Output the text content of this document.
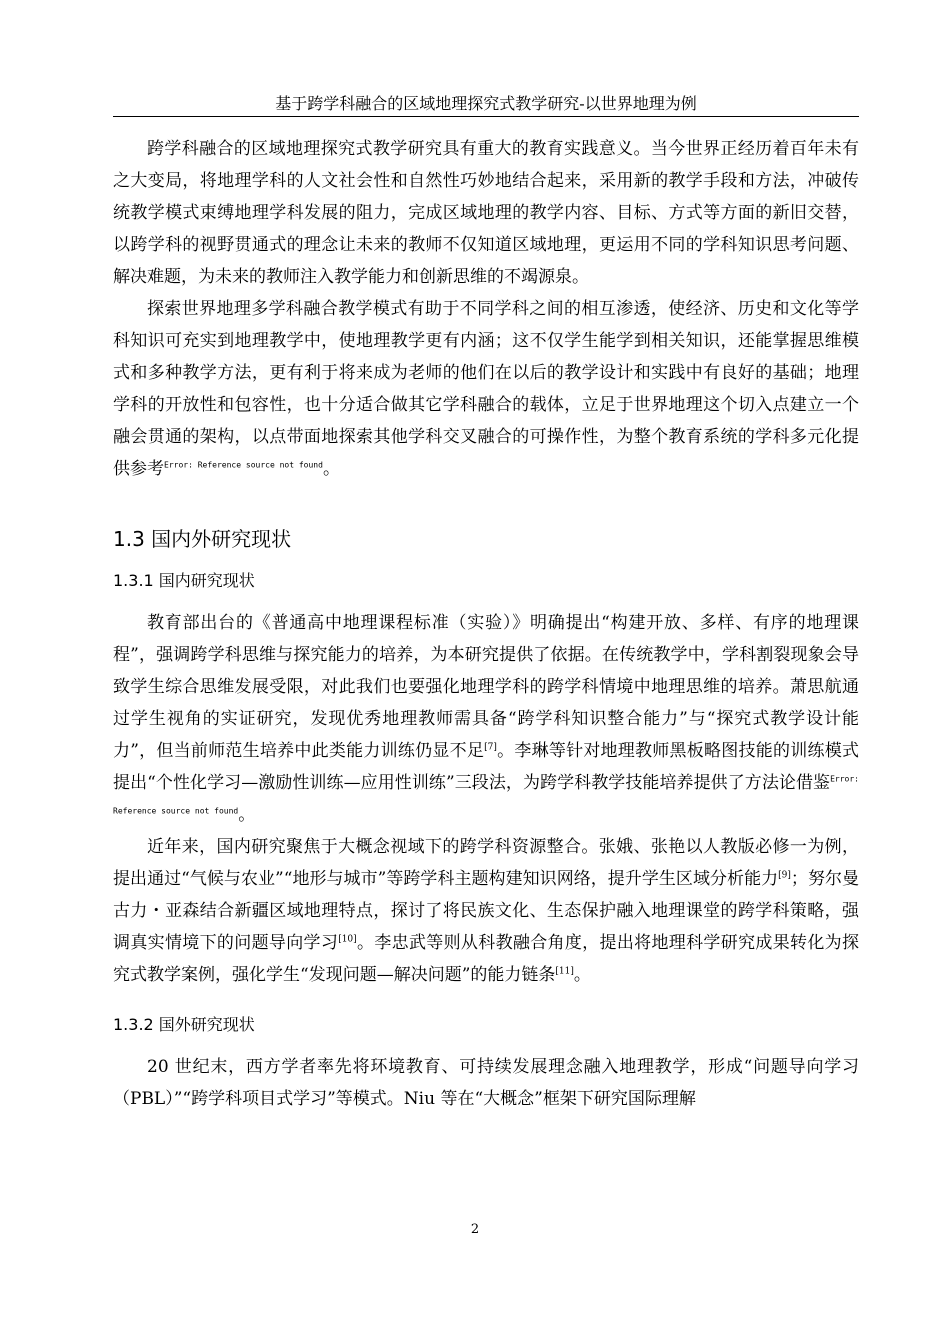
基于跨学科融合的区域地理探究式教学研究-以世界地理为例

跨学科融合的区域地理探究式教学研究具有重大的教育实践意义。当今世界正经历着百年未有之大变局，将地理学科的人文社会性和自然性巧妙地结合起来，采用新的教学手段和方法，冲破传统教学模式束缚地理学科发展的阻力，完成区域地理的教学内容、目标、方式等方面的新旧交替，以跨学科的视野贯通式的理念让未来的教师不仅知道区域地理，更运用不同的学科知识思考问题、解决难题，为未来的教师注入教学能力和创新思维的不竭源泉。

探索世界地理多学科融合教学模式有助于不同学科之间的相互渗透，使经济、历史和文化等学科知识可充实到地理教学中，使地理教学更有内涵；这不仅学生能学到相关知识，还能掌握思维模式和多种教学方法，更有利于将来成为老师的他们在以后的教学设计和实践中有良好的基础；地理学科的开放性和包容性，也十分适合做其它学科融合的载体，立足于世界地理这个切入点建立一个融会贯通的架构，以点带面地探索其他学科交叉融合的可操作性，为整个教育系统的学科多元化提供参考$^{Error: Reference source not found}$。

1.3 国内外研究现状
1.3.1 国内研究现状

教育部出台的《普通高中地理课程标准（实验）》明确提出“构建开放、多样、有序的地理课程”，强调跨学科思维与探究能力的培养，为本研究提供了依据。在传统教学中，学科割裂现象会导致学生综合思维发展受限，对此我们也要强化地理学科的跨学科情境中地理思维的培养。萧思航通过学生视角的实证研究，发现优秀地理教师需具备“跨学科知识整合能力”与“探究式教学设计能力”，但当前师范生培养中此类能力训练仍显不足[7]。李琳等针对地理教师黑板略图技能的训练模式提出“个性化学习—激励性训练—应用性训练”三段法，为跨学科教学技能培养提供了方法论借鉴$^{Error: Reference source not found}$。

近年来，国内研究聚焦于大概念视域下的跨学科资源整合。张娥、张艳以人教版必修一为例，提出通过“气候与农业”“地形与城市”等跨学科主题构建知识网络，提升学生区域分析能力[9]；努尔曼古力・亚森结合新疆区域地理特点，探讨了将民族文化、生态保护融入地理课堂的跨学科策略，强调真实情境下的问题导向学习[10]。李忠武等则从科教融合角度，提出将地理科学研究成果转化为探究式教学案例，强化学生“发现问题—解决问题”的能力链条[11]。

1.3.2 国外研究现状

20 世纪末，西方学者率先将环境教育、可持续发展理念融入地理教学，形成“问题导向学习（PBL）”“跨学科项目式学习”等模式。Niu 等在“大概念”框架下研究国际理解

2
